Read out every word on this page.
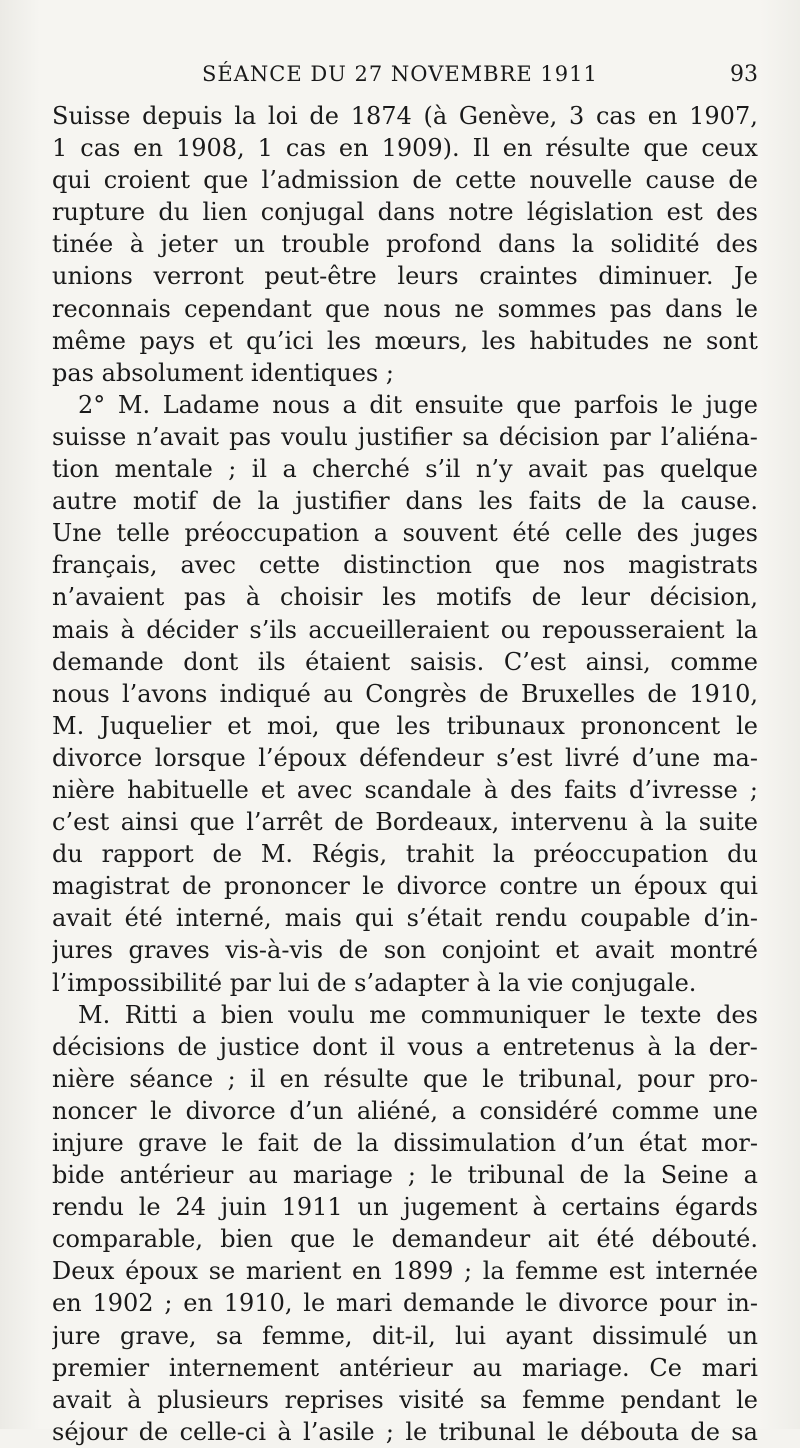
SÉANCE DU 27 NOVEMBRE 1911	93
Suisse depuis la loi de 1874 (à Genève, 3 cas en 1907,
1 cas en 1908, 1 cas en 1909). Il en résulte que ceux
qui croient que l’admission de cette nouvelle cause de
rupture du lien conjugal dans notre législation est des
tinée à jeter un trouble profond dans la solidité des
unions verront peut-être leurs craintes diminuer. Je
reconnais cependant que nous ne sommes pas dans le
même pays et qu’ici les mœurs, les habitudes ne sont
pas absolument identiques ;
2° M. Ladame nous a dit ensuite que parfois le juge
suisse n’avait pas voulu justifier sa décision par l’aliéna-
tion mentale ; il a cherché s’il n’y avait pas quelque
autre motif de la justifier dans les faits de la cause.
Une telle préoccupation a souvent été celle des juges
français, avec cette distinction que nos magistrats
n’avaient pas à choisir les motifs de leur décision,
mais à décider s’ils accueilleraient ou repousseraient la
demande dont ils étaient saisis. C’est ainsi, comme
nous l’avons indiqué au Congrès de Bruxelles de 1910,
M. Juquelier et moi, que les tribunaux prononcent le
divorce lorsque l’époux défendeur s’est livré d’une ma-
nière habituelle et avec scandale à des faits d’ivresse ;
c’est ainsi que l’arrêt de Bordeaux, intervenu à la suite
du rapport de M. Régis, trahit la préoccupation du
magistrat de prononcer le divorce contre un époux qui
avait été interné, mais qui s’était rendu coupable d’in-
jures graves vis-à-vis de son conjoint et avait montré
l’impossibilité par lui de s’adapter à la vie conjugale.
M. Ritti a bien voulu me communiquer le texte des
décisions de justice dont il vous a entretenus à la der-
nière séance ; il en résulte que le tribunal, pour pro-
noncer le divorce d’un aliéné, a considéré comme une
injure grave le fait de la dissimulation d’un état mor-
bide antérieur au mariage ; le tribunal de la Seine a
rendu le 24 juin 1911 un jugement à certains égards
comparable, bien que le demandeur ait été débouté.
Deux époux se marient en 1899 ; la femme est internée
en 1902 ; en 1910, le mari demande le divorce pour in-
jure grave, sa femme, dit-il, lui ayant dissimulé un
premier internement antérieur au mariage. Ce mari
avait à plusieurs reprises visité sa femme pendant le
séjour de celle-ci à l’asile ; le tribunal le débouta de sa
